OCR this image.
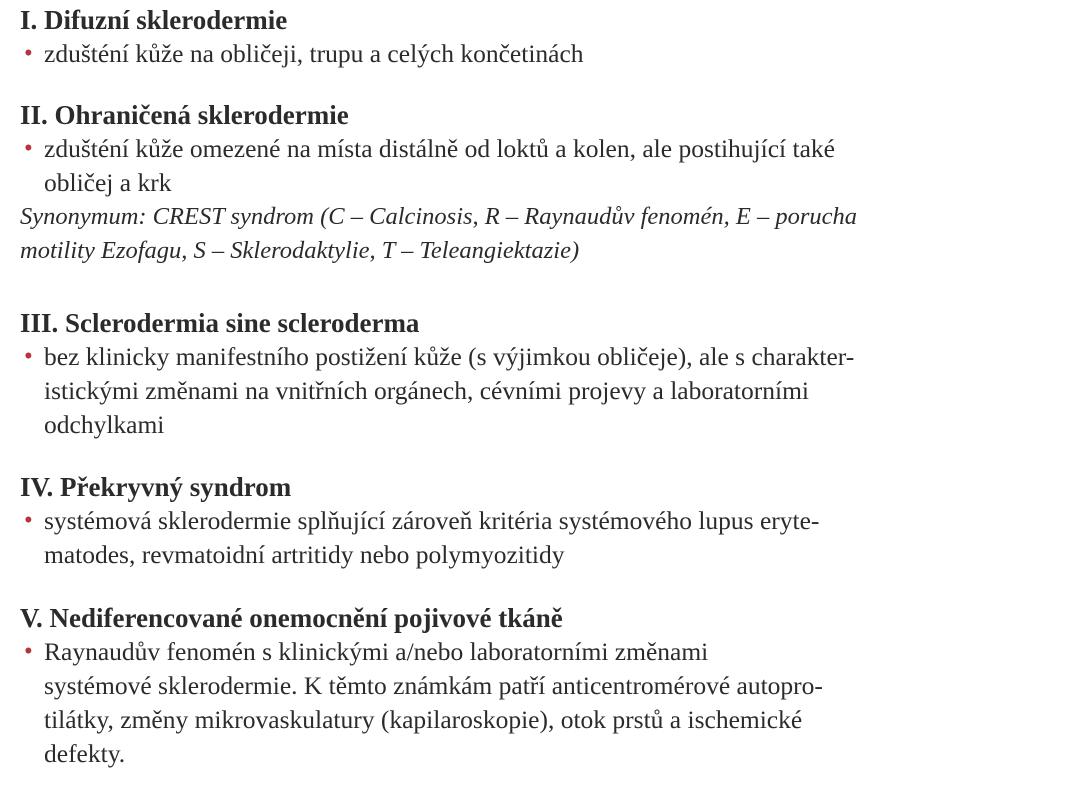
I. Difuzní sklerodermie
• zdušténí kůže na obličeji, trupu a celých končetinách
II. Ohraničená sklerodermie
• zdušténí kůže omezené na místa distálně od loktů a kolen, ale postihující také
obličej a krk
Synonymum: CREST syndrom (C – Calcinosis, R – Raynaudův fenomén, E – porucha
motility Ezofagu, S – Sklerodaktylie, T – Teleangiektazie)
III. Sclerodermia sine scleroderma
• bez klinicky manifestního postižení kůže (s výjimkou obličeje), ale s charakter-
istickými změnami na vnitřních orgánech, cévními projevy a laboratorními
odchylkami
IV. Překryvný syndrom
• systémová sklerodermie splňující zároveň kritéria systémového lupus eryte-
matodes, revmatoidní artritidy nebo polymyozitidy
V. Nediferencované onemocnění pojivové tkáně
• Raynaudův fenomén s klinickými a/nebo laboratorními změnami
systémové sklerodermie. K těmto známkám patří anticentromérové autopro-
tilátky, změny mikrovaskulatury (kapilaroskopie), otok prstů a ischemické
defekty.
